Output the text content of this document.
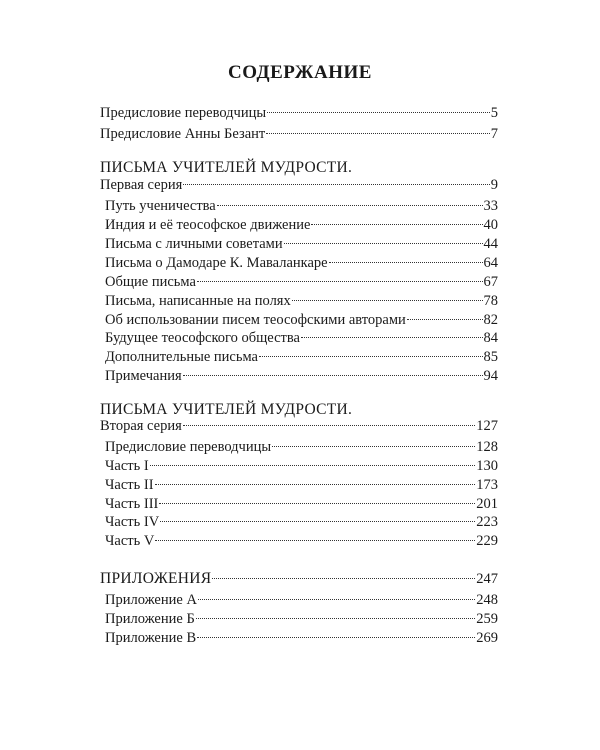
СОДЕРЖАНИЕ
Предисловие переводчицы	5
Предисловие Анны Безант	7
ПИСЬМА УЧИТЕЛЕЙ МУДРОСТИ.
Первая серия	9
Путь ученичества	33
Индия и её теософское движение	40
Письма с личными советами	44
Письма о Дамодаре К. Маваланкаре	64
Общие письма	67
Письма, написанные на полях	78
Об использовании писем теософскими авторами	82
Будущее теософского общества	84
Дополнительные письма	85
Примечания	94
ПИСЬМА УЧИТЕЛЕЙ МУДРОСТИ.
Вторая серия	127
Предисловие переводчицы	128
Часть I	130
Часть II	173
Часть III	201
Часть IV	223
Часть V	229
ПРИЛОЖЕНИЯ	247
Приложение А	248
Приложение Б	259
Приложение В	269
